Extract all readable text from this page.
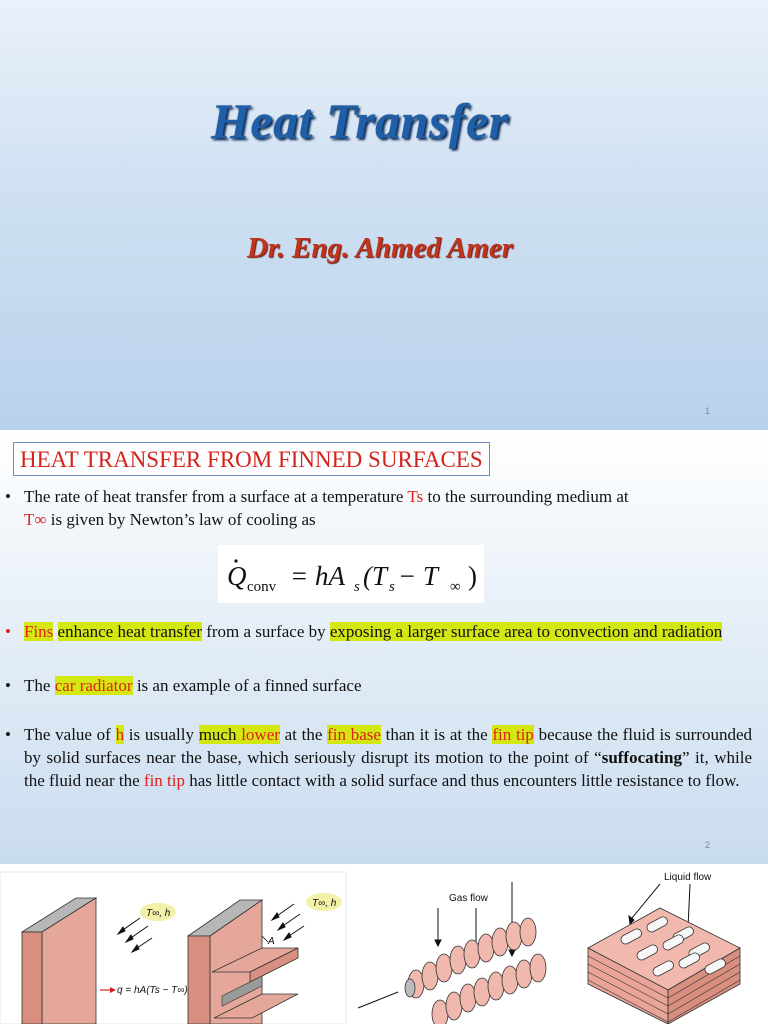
Heat Transfer
Dr. Eng. Ahmed Amer
1
HEAT TRANSFER FROM FINNED SURFACES
• The rate of heat transfer from a surface at a temperature Ts to the surrounding medium at
T∞ is given by Newton’s law of cooling as
Q conv = hA s (T s − T ∞ )
• Fins enhance heat transfer from a surface by exposing a larger surface area to convection and radiation
• The car radiator is an example of a finned surface
• The value of h is usually much lower at the fin base than it is at the fin tip because the fluid is surrounded by solid surfaces near the base, which seriously disrupt its motion to the point of “suffocating” it, while the fluid near the fin tip has little contact with a solid surface and thus encounters little resistance to flow.
2
T∞, h
q = hA(Ts − T∞)
A
T∞, h	Gas flow
Liquid flow
